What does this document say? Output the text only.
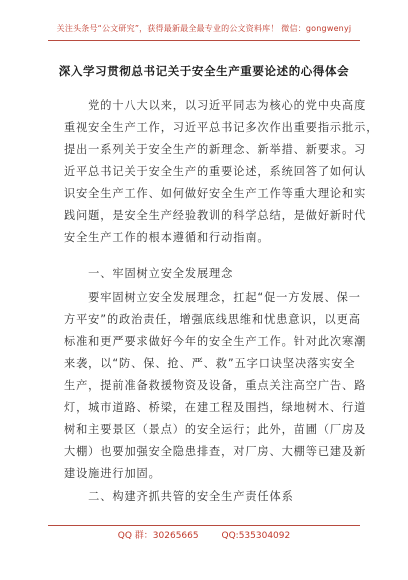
关注头条号“公文研究”，获得最新最全最专业的公文资料库！ 微信：gongwenyj
深入学习贯彻总书记关于安全生产重要论述的心得体会
　　党的十八大以来，以习近平同志为核心的党中央高度
重视安全生产工作，习近平总书记多次作出重要指示批示，
提出一系列关于安全生产的新理念、新举措、新要求。习
近平总书记关于安全生产的重要论述，系统回答了如何认
识安全生产工作、如何做好安全生产工作等重大理论和实
践问题，是安全生产经验教训的科学总结，是做好新时代
安全生产工作的根本遵循和行动指南。
　　一、牢固树立安全发展理念
　　要牢固树立安全发展理念，扛起“促一方发展、保一
方平安”的政治责任，增强底线思维和忧患意识，以更高
标准和更严要求做好今年的安全生产工作。针对此次寒潮
来袭，以“防、保、抢、严、救”五字口诀坚决落实安全
生产，提前准备救援物资及设备，重点关注高空广告、路
灯，城市道路、桥梁，在建工程及围挡，绿地树木、行道
树和主要景区（景点）的安全运行；此外，苗圃（厂房及
大棚）也要加强安全隐患排查，对厂房、大棚等已建及新
建设施进行加固。
　　二、构建齐抓共管的安全生产责任体系
QQ 群：30265665        QQ:535304092
